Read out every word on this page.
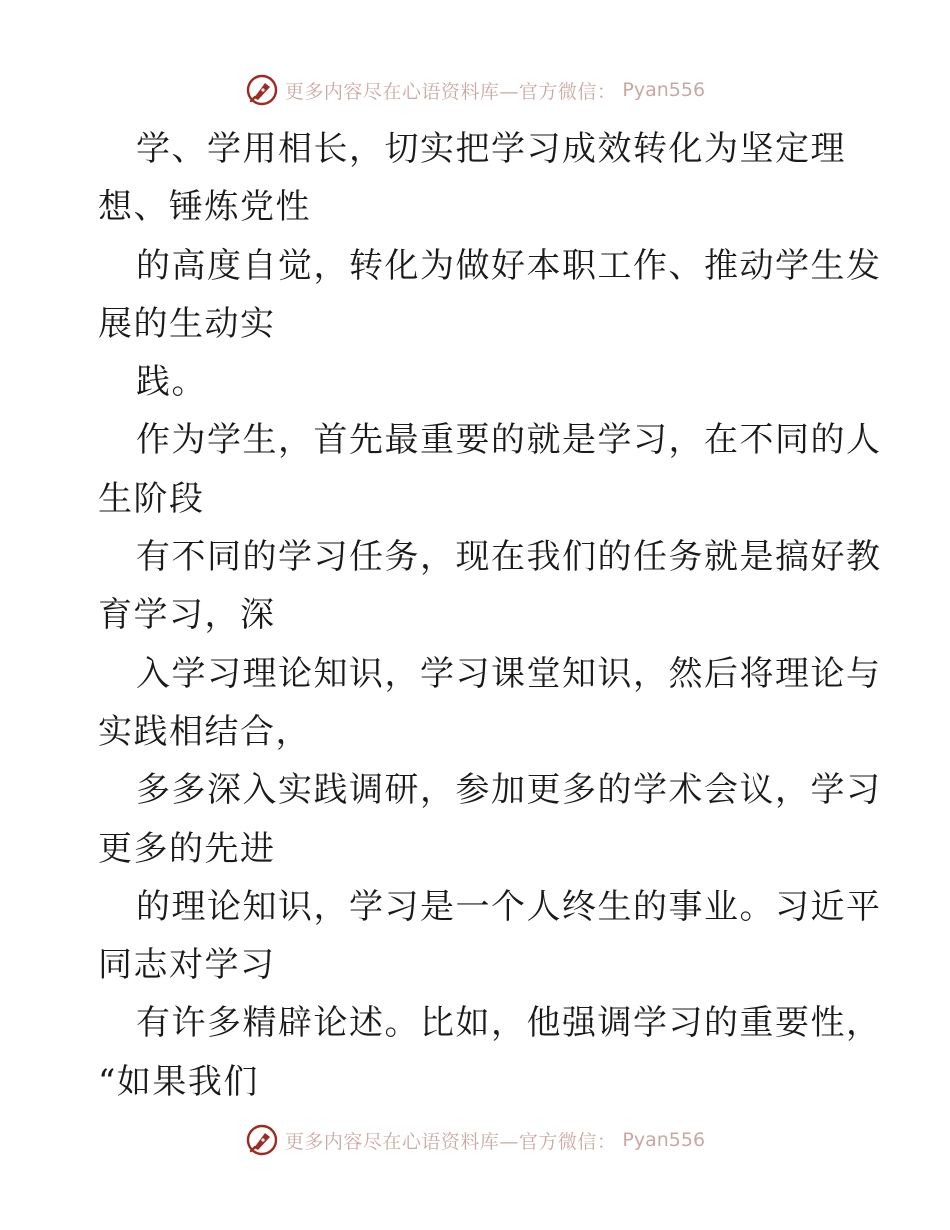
更多内容尽在心语资料库—官方微信： Pyan556
学、学用相长，切实把学习成效转化为坚定理
想、锤炼党性
的高度自觉，转化为做好本职工作、推动学生发
展的生动实
践。
作为学生，首先最重要的就是学习，在不同的人
生阶段
有不同的学习任务，现在我们的任务就是搞好教
育学习，深
入学习理论知识，学习课堂知识，然后将理论与
实践相结合，
多多深入实践调研，参加更多的学术会议，学习
更多的先进
的理论知识，学习是一个人终生的事业。习近平
同志对学习
有许多精辟论述。比如，他强调学习的重要性，
“如果我们
更多内容尽在心语资料库—官方微信： Pyan556
